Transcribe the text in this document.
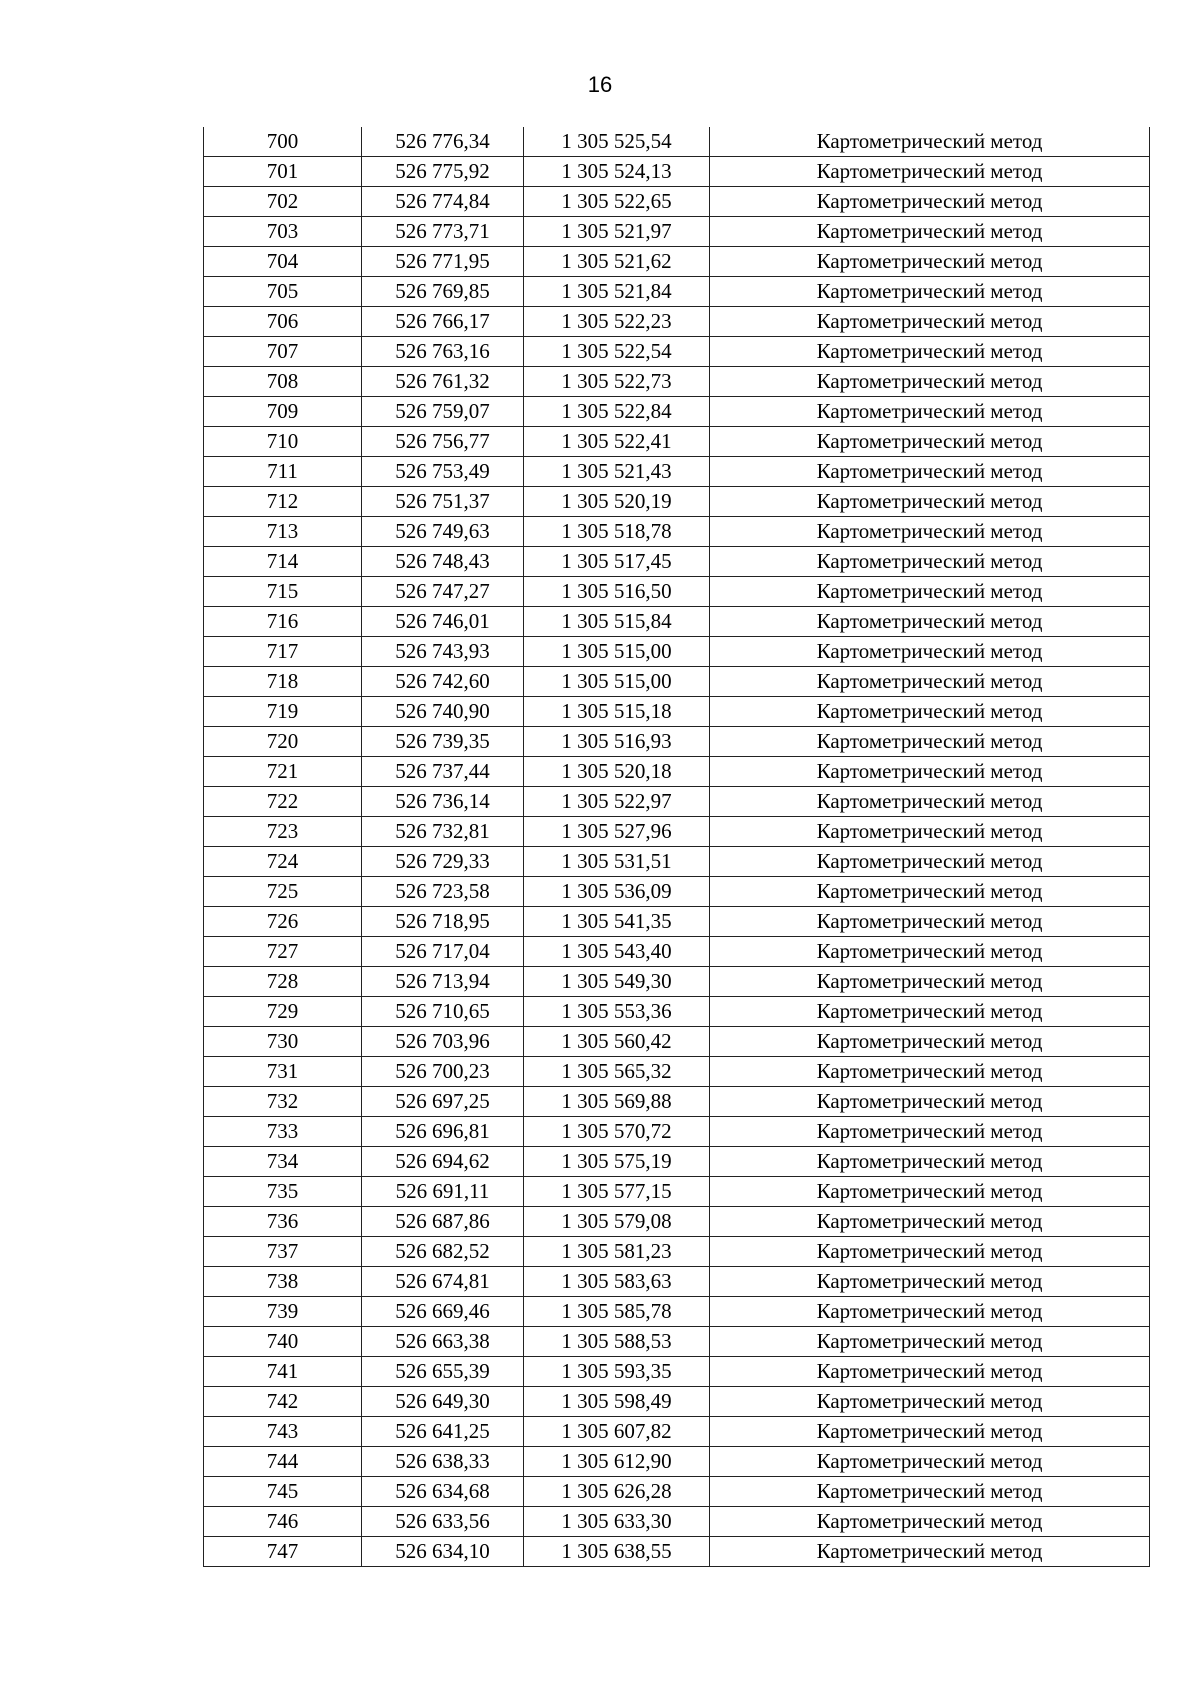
16
700	526 776,34	1 305 525,54	Картометрический метод
701	526 775,92	1 305 524,13	Картометрический метод
702	526 774,84	1 305 522,65	Картометрический метод
703	526 773,71	1 305 521,97	Картометрический метод
704	526 771,95	1 305 521,62	Картометрический метод
705	526 769,85	1 305 521,84	Картометрический метод
706	526 766,17	1 305 522,23	Картометрический метод
707	526 763,16	1 305 522,54	Картометрический метод
708	526 761,32	1 305 522,73	Картометрический метод
709	526 759,07	1 305 522,84	Картометрический метод
710	526 756,77	1 305 522,41	Картометрический метод
711	526 753,49	1 305 521,43	Картометрический метод
712	526 751,37	1 305 520,19	Картометрический метод
713	526 749,63	1 305 518,78	Картометрический метод
714	526 748,43	1 305 517,45	Картометрический метод
715	526 747,27	1 305 516,50	Картометрический метод
716	526 746,01	1 305 515,84	Картометрический метод
717	526 743,93	1 305 515,00	Картометрический метод
718	526 742,60	1 305 515,00	Картометрический метод
719	526 740,90	1 305 515,18	Картометрический метод
720	526 739,35	1 305 516,93	Картометрический метод
721	526 737,44	1 305 520,18	Картометрический метод
722	526 736,14	1 305 522,97	Картометрический метод
723	526 732,81	1 305 527,96	Картометрический метод
724	526 729,33	1 305 531,51	Картометрический метод
725	526 723,58	1 305 536,09	Картометрический метод
726	526 718,95	1 305 541,35	Картометрический метод
727	526 717,04	1 305 543,40	Картометрический метод
728	526 713,94	1 305 549,30	Картометрический метод
729	526 710,65	1 305 553,36	Картометрический метод
730	526 703,96	1 305 560,42	Картометрический метод
731	526 700,23	1 305 565,32	Картометрический метод
732	526 697,25	1 305 569,88	Картометрический метод
733	526 696,81	1 305 570,72	Картометрический метод
734	526 694,62	1 305 575,19	Картометрический метод
735	526 691,11	1 305 577,15	Картометрический метод
736	526 687,86	1 305 579,08	Картометрический метод
737	526 682,52	1 305 581,23	Картометрический метод
738	526 674,81	1 305 583,63	Картометрический метод
739	526 669,46	1 305 585,78	Картометрический метод
740	526 663,38	1 305 588,53	Картометрический метод
741	526 655,39	1 305 593,35	Картометрический метод
742	526 649,30	1 305 598,49	Картометрический метод
743	526 641,25	1 305 607,82	Картометрический метод
744	526 638,33	1 305 612,90	Картометрический метод
745	526 634,68	1 305 626,28	Картометрический метод
746	526 633,56	1 305 633,30	Картометрический метод
747	526 634,10	1 305 638,55	Картометрический метод
